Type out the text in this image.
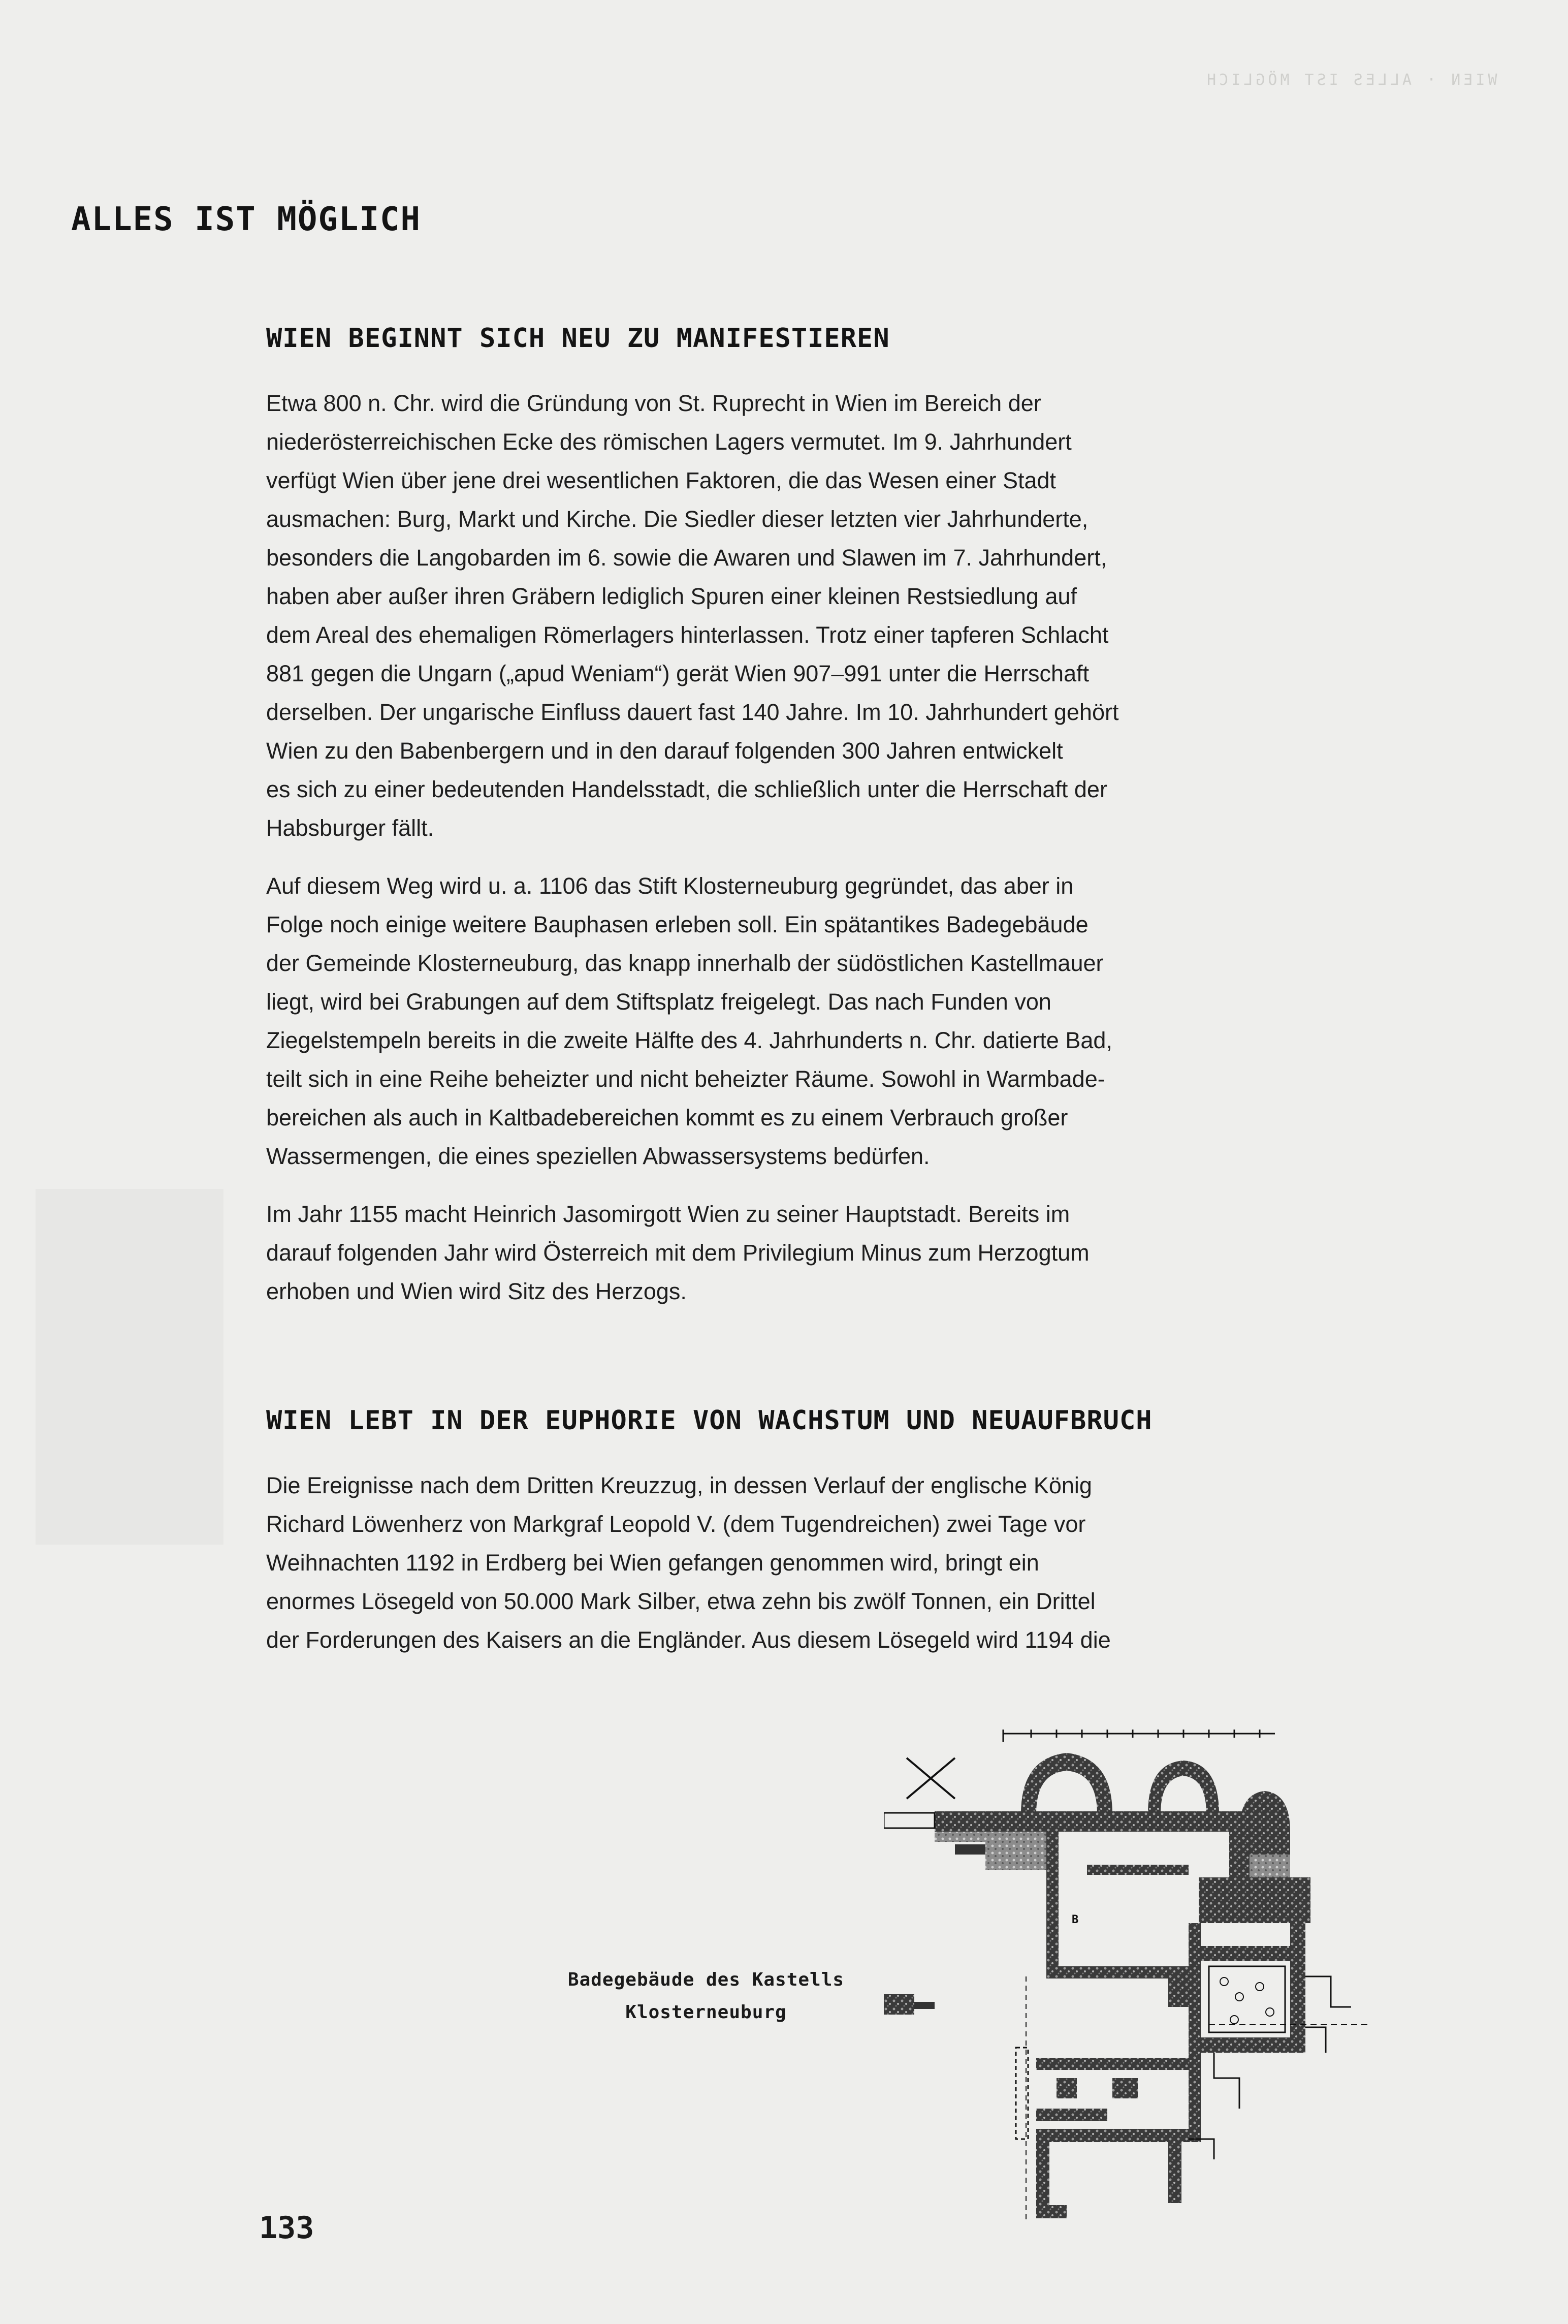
WIEN · ALLES IST MÖGLICH
ALLES IST MÖGLICH
WIEN BEGINNT SICH NEU ZU MANIFESTIEREN

Etwa 800 n. Chr. wird die Gründung von St. Ruprecht in Wien im Bereich der
niederösterreichischen Ecke des römischen Lagers vermutet. Im 9. Jahrhundert
verfügt Wien über jene drei wesentlichen Faktoren, die das Wesen einer Stadt
ausmachen: Burg, Markt und Kirche. Die Siedler dieser letzten vier Jahrhunderte,
besonders die Langobarden im 6. sowie die Awaren und Slawen im 7. Jahrhundert,
haben aber außer ihren Gräbern lediglich Spuren einer kleinen Restsiedlung auf
dem Areal des ehemaligen Römerlagers hinterlassen. Trotz einer tapferen Schlacht
881 gegen die Ungarn („apud Weniam“) gerät Wien 907–991 unter die Herrschaft
derselben. Der ungarische Einfluss dauert fast 140 Jahre. Im 10. Jahrhundert gehört
Wien zu den Babenbergern und in den darauf folgenden 300 Jahren entwickelt
es sich zu einer bedeutenden Handelsstadt, die schließlich unter die Herrschaft der
Habsburger fällt.

Auf diesem Weg wird u. a. 1106 das Stift Klosterneuburg gegründet, das aber in
Folge noch einige weitere Bauphasen erleben soll. Ein spätantikes Badegebäude
der Gemeinde Klosterneuburg, das knapp innerhalb der südöstlichen Kastellmauer
liegt, wird bei Grabungen auf dem Stiftsplatz freigelegt. Das nach Funden von
Ziegelstempeln bereits in die zweite Hälfte des 4. Jahrhunderts n. Chr. datierte Bad,
teilt sich in eine Reihe beheizter und nicht beheizter Räume. Sowohl in Warmbade-
bereichen als auch in Kaltbadebereichen kommt es zu einem Verbrauch großer
Wassermengen, die eines speziellen Abwassersystems bedürfen.

Im Jahr 1155 macht Heinrich Jasomirgott Wien zu seiner Hauptstadt. Bereits im
darauf folgenden Jahr wird Österreich mit dem Privilegium Minus zum Herzogtum
erhoben und Wien wird Sitz des Herzogs.

WIEN LEBT IN DER EUPHORIE VON WACHSTUM UND NEUAUFBRUCH

Die Ereignisse nach dem Dritten Kreuzzug, in dessen Verlauf der englische König
Richard Löwenherz von Markgraf Leopold V. (dem Tugendreichen) zwei Tage vor
Weihnachten 1192 in Erdberg bei Wien gefangen genommen wird, bringt ein
enormes Lösegeld von 50.000 Mark Silber, etwa zehn bis zwölf Tonnen, ein Drittel
der Forderungen des Kaisers an die Engländer. Aus diesem Lösegeld wird 1194 die

B
Badegebäude des Kastells
Klosterneuburg
133
